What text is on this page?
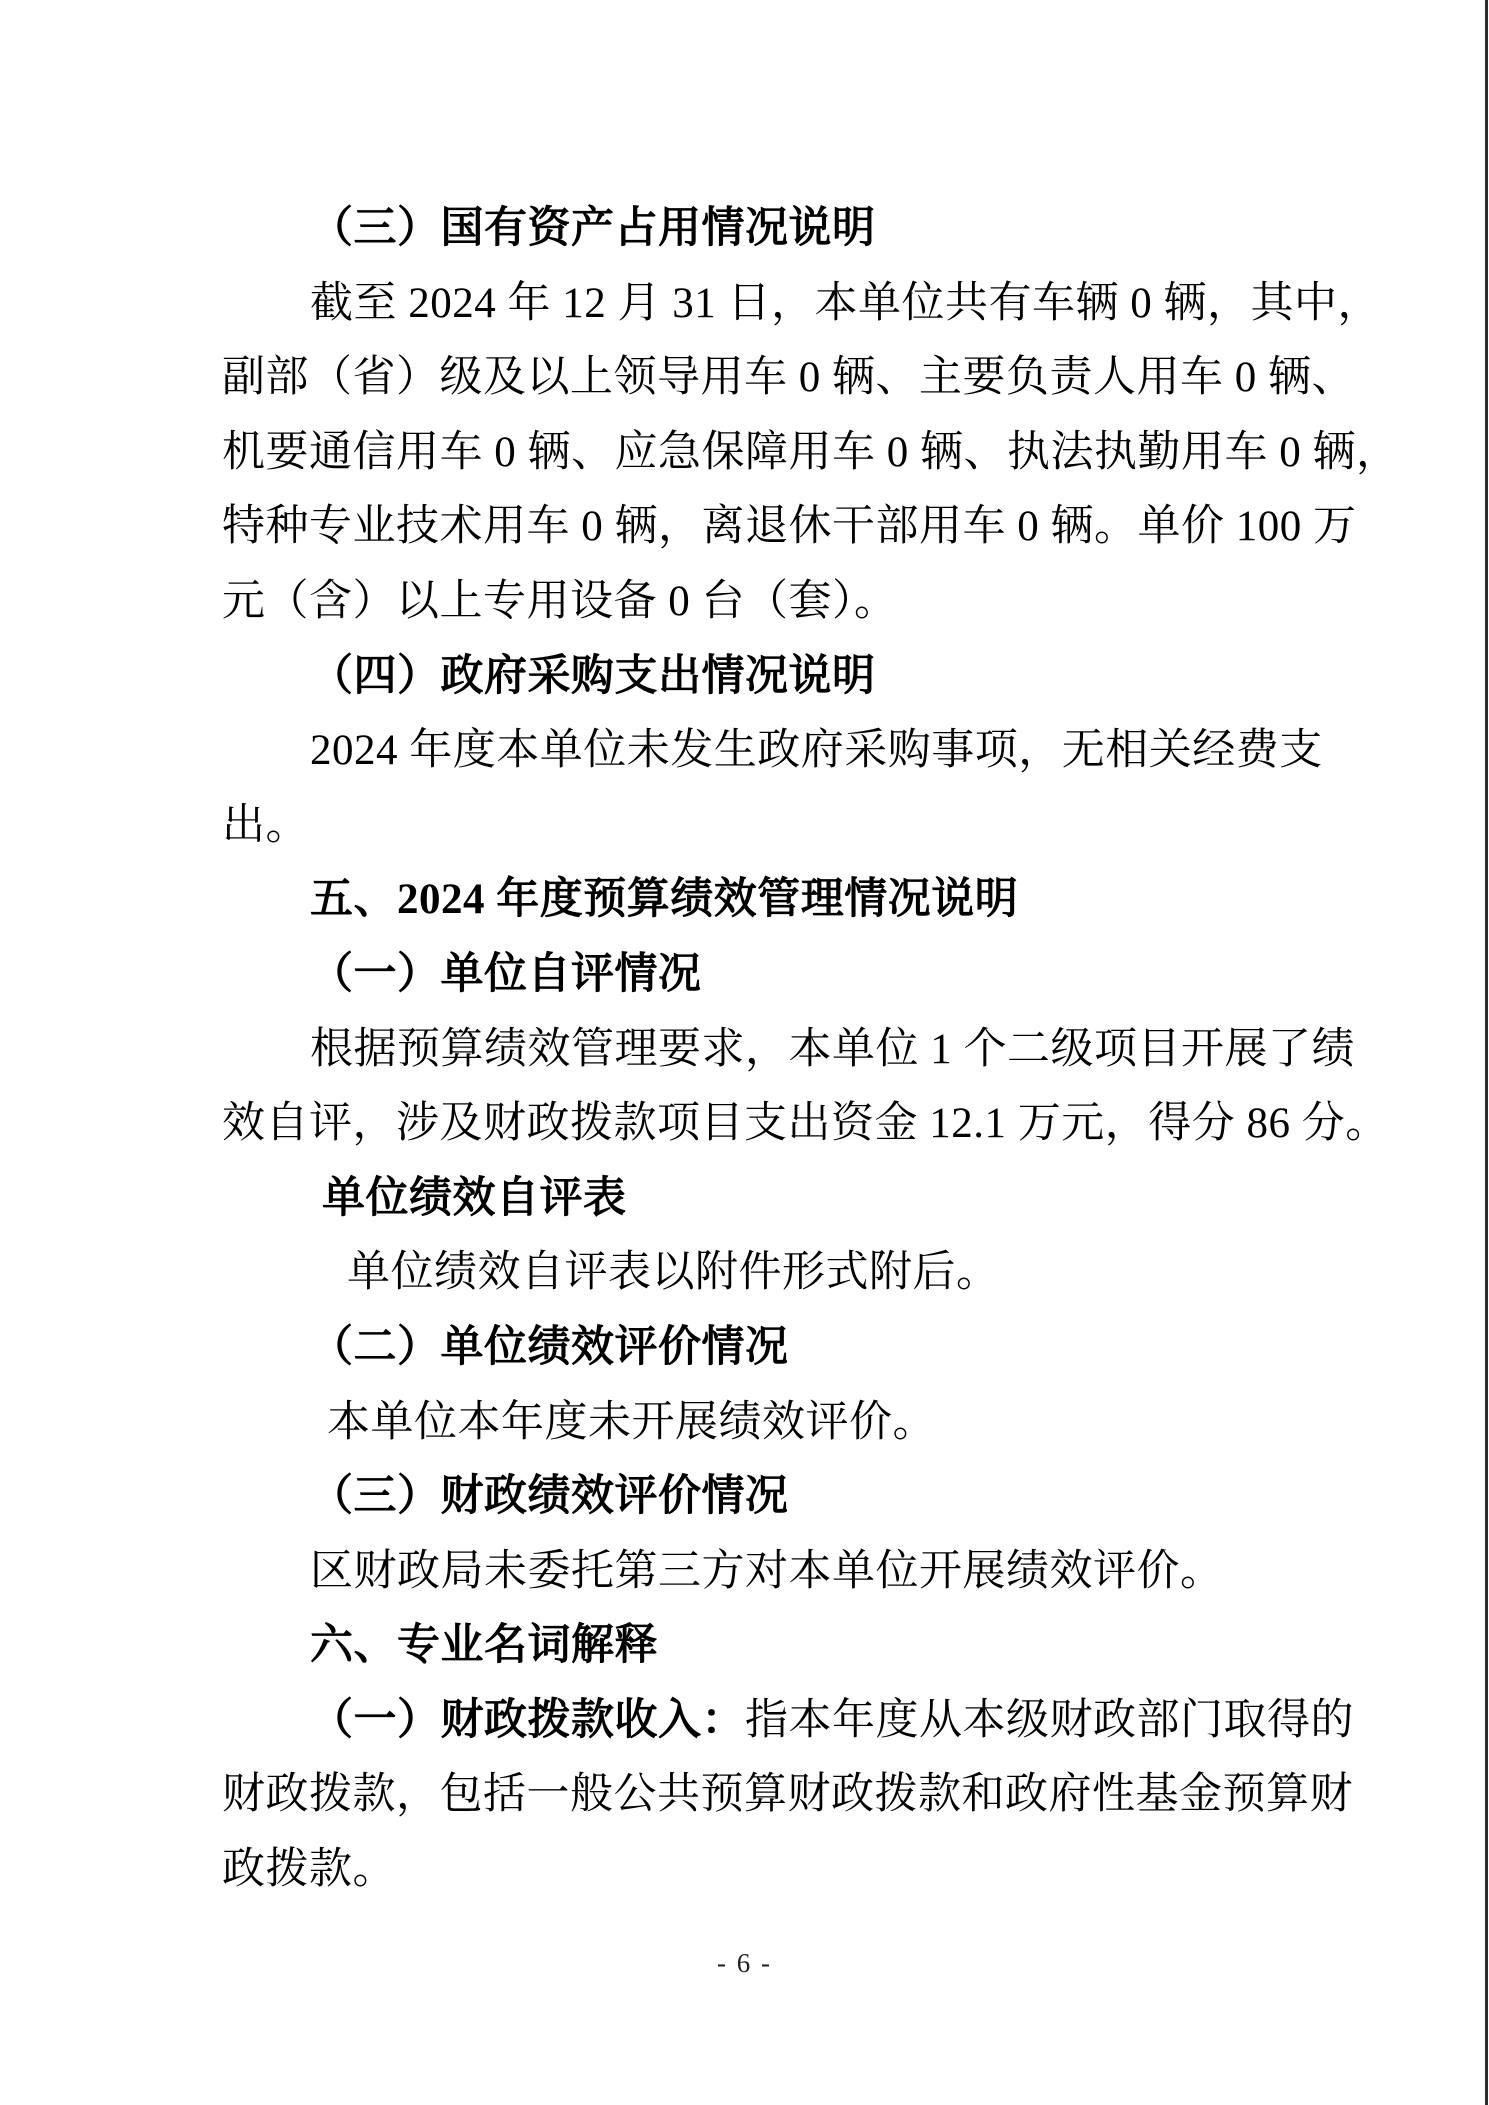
（三）国有资产占用情况说明
截至 2024 年 12 月 31 日，本单位共有车辆 0 辆，其中，
副部（省）级及以上领导用车 0 辆、主要负责人用车 0 辆、
机要通信用车 0 辆、应急保障用车 0 辆、执法执勤用车 0 辆，
特种专业技术用车 0 辆，离退休干部用车 0 辆。单价 100 万
元（含）以上专用设备 0 台（套）。
（四）政府采购支出情况说明
2024 年度本单位未发生政府采购事项，无相关经费支
出。
五、2024 年度预算绩效管理情况说明
（一）单位自评情况
根据预算绩效管理要求，本单位 1 个二级项目开展了绩
效自评，涉及财政拨款项目支出资金 12.1 万元，得分 86 分。
单位绩效自评表
单位绩效自评表以附件形式附后。
（二）单位绩效评价情况
本单位本年度未开展绩效评价。
（三）财政绩效评价情况
区财政局未委托第三方对本单位开展绩效评价。
六、专业名词解释
（一）财政拨款收入：指本年度从本级财政部门取得的
财政拨款，包括一般公共预算财政拨款和政府性基金预算财
政拨款。
- 6 -
